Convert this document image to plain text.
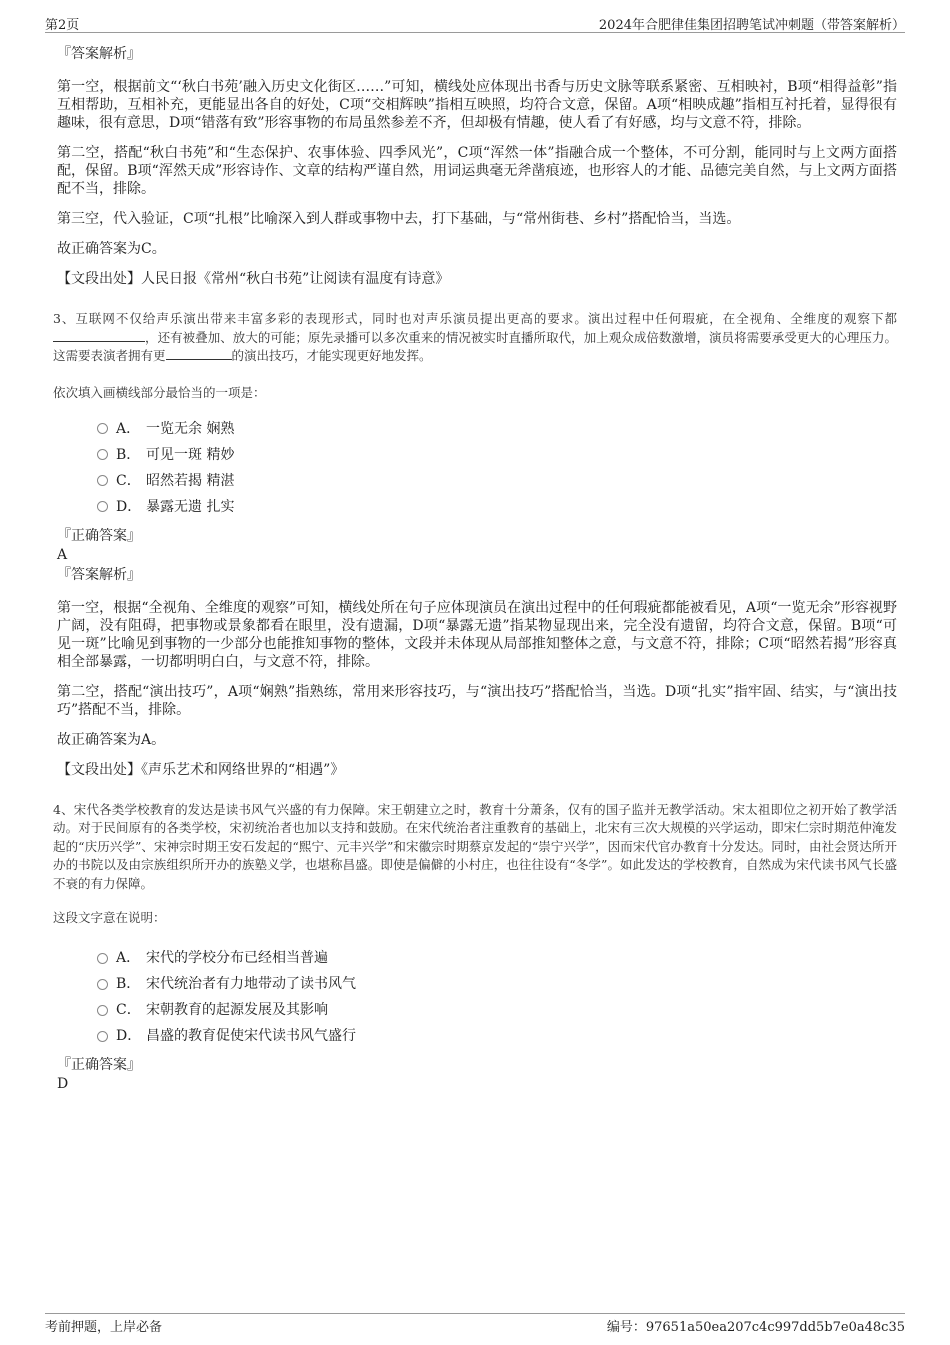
第2页	2024年合肥律佳集团招聘笔试冲刺题（带答案解析）

『答案解析』

第一空，根据前文“‘秋白书苑’融入历史文化街区……”可知，横线处应体现出书香与历史文脉等联系紧密、互相映衬，B项“相得益彰”指互相帮助，互相补充，更能显出各自的好处，C项“交相辉映”指相互映照，均符合文意，保留。A项“相映成趣”指相互衬托着，显得很有趣味，很有意思，D项“错落有致”形容事物的布局虽然参差不齐，但却极有情趣，使人看了有好感，均与文意不符，排除。

第二空，搭配“秋白书苑”和“生态保护、农事体验、四季风光”，C项“浑然一体”指融合成一个整体，不可分割，能同时与上文两方面搭配，保留。B项“浑然天成”形容诗作、文章的结构严谨自然，用词运典毫无斧凿痕迹，也形容人的才能、品德完美自然，与上文两方面搭配不当，排除。

第三空，代入验证，C项“扎根”比喻深入到人群或事物中去，打下基础，与“常州街巷、乡村”搭配恰当，当选。

故正确答案为C。

【文段出处】人民日报《常州“秋白书苑”让阅读有温度有诗意》

3、互联网不仅给声乐演出带来丰富多彩的表现形式，同时也对声乐演员提出更高的要求。演出过程中任何瑕疵，在全视角、全维度的观察下都，还有被叠加、放大的可能；原先录播可以多次重来的情况被实时直播所取代，加上观众成倍数激增，演员将需要承受更大的心理压力。这需要表演者拥有更	的演出技巧，才能实现更好地发挥。

依次填入画横线部分最恰当的一项是：

A． 一览无余 娴熟
B． 可见一斑 精妙
C． 昭然若揭 精湛
D． 暴露无遗 扎实

『正确答案』

A

『答案解析』

第一空，根据“全视角、全维度的观察”可知，横线处所在句子应体现演员在演出过程中的任何瑕疵都能被看见，A项“一览无余”形容视野广阔，没有阻碍，把事物或景象都看在眼里，没有遗漏，D项“暴露无遗”指某物显现出来，完全没有遗留，均符合文意，保留。B项“可见一斑”比喻见到事物的一少部分也能推知事物的整体，文段并未体现从局部推知整体之意，与文意不符，排除；C项“昭然若揭”形容真相全部暴露，一切都明明白白，与文意不符，排除。

第二空，搭配“演出技巧”，A项“娴熟”指熟练，常用来形容技巧，与“演出技巧”搭配恰当，当选。D项“扎实”指牢固、结实，与“演出技巧”搭配不当，排除。

故正确答案为A。

【文段出处】《声乐艺术和网络世界的“相遇”》

4、宋代各类学校教育的发达是读书风气兴盛的有力保障。宋王朝建立之时，教育十分萧条，仅有的国子监并无教学活动。宋太祖即位之初开始了教学活动。对于民间原有的各类学校，宋初统治者也加以支持和鼓励。在宋代统治者注重教育的基础上，北宋有三次大规模的兴学运动，即宋仁宗时期范仲淹发起的“庆历兴学”、宋神宗时期王安石发起的“熙宁、元丰兴学”和宋徽宗时期蔡京发起的“崇宁兴学”，因而宋代官办教育十分发达。同时，由社会贤达所开办的书院以及由宗族组织所开办的族塾义学，也堪称昌盛。即使是偏僻的小村庄，也往往设有“冬学”。如此发达的学校教育，自然成为宋代读书风气长盛不衰的有力保障。

这段文字意在说明：

A． 宋代的学校分布已经相当普遍
B． 宋代统治者有力地带动了读书风气
C． 宋朝教育的起源发展及其影响
D． 昌盛的教育促使宋代读书风气盛行

『正确答案』

D

考前押题，上岸必备	编号：97651a50ea207c4c997dd5b7e0a48c35
